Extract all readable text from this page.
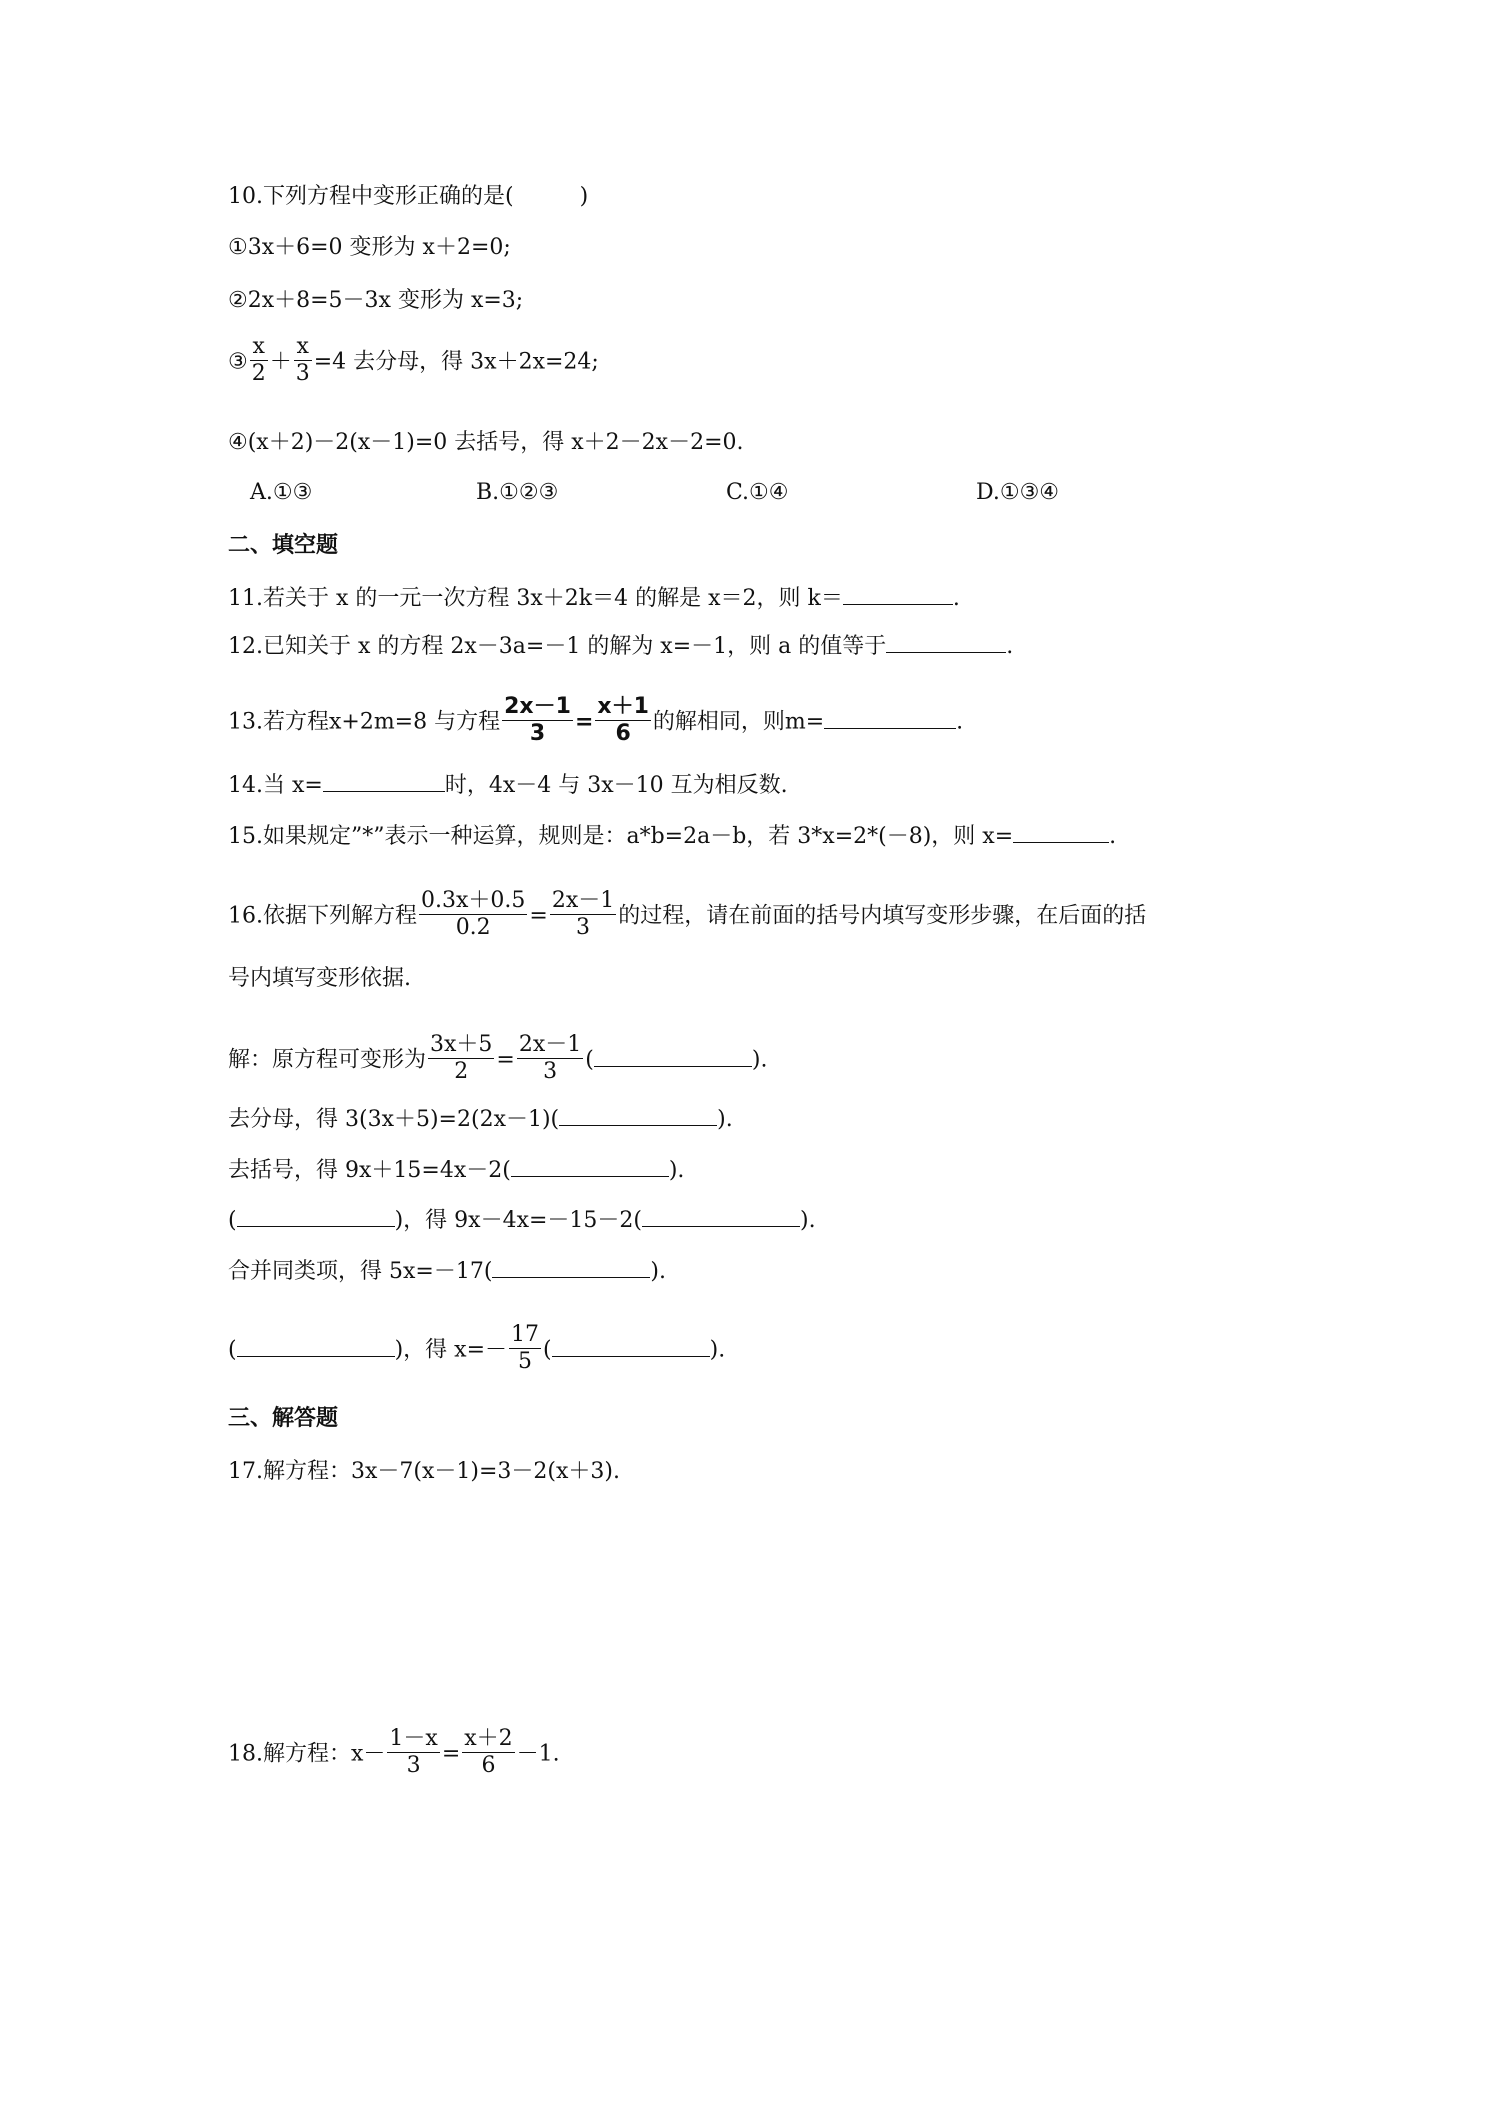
10.下列方程中变形正确的是(　　　)
①3x＋6=0 变形为 x＋2=0;
②2x＋8=5－3x 变形为 x=3;
③ $\frac{x}{2} + \frac{x}{3} =4$ 去分母，得 3x＋2x=24;
④(x＋2)－2(x－1)=0 去括号，得 x＋2－2x－2=0.
A.①③	B.①②③	C.①④	D.①③④
二、填空题
11.若关于 x 的一元一次方程 3x＋2k＝4 的解是 x＝2，则 k＝	.
12.已知关于 x 的方程 2x－3a=－1 的解为 x=－1，则 a 的值等于	.
13.若方程x+2m=8 与方程 $\frac{2x-1}{3} = \frac{x+1}{6}$ 的解相同，则m=	.
14.当 x=	时，4x－4 与 3x－10 互为相反数.
15.如果规定”*”表示一种运算，规则是：a*b=2a－b，若 3*x=2*(－8)，则 x=	.
16.依据下列解方程 $\frac{0.3x+0.5}{0.2} = \frac{2x-1}{3}$ 的过程，请在前面的括号内填写变形步骤，在后面的括
号内填写变形依据.
解：原方程可变形为 $\frac{3x+5}{2} = \frac{2x-1}{3}$ (	).
去分母，得 3(3x＋5)=2(2x－1)(	).
去括号，得 9x＋15=4x－2(	).
(	)，得 9x－4x=－15－2(	).
合并同类项，得 5x=－17(	).
(	)，得 $x=- \frac{17}{5}$ (	).
三、解答题
17.解方程：3x－7(x－1)=3－2(x＋3).
18.解方程：$x- \frac{1-x}{3} = \frac{x+2}{6} -1$.
